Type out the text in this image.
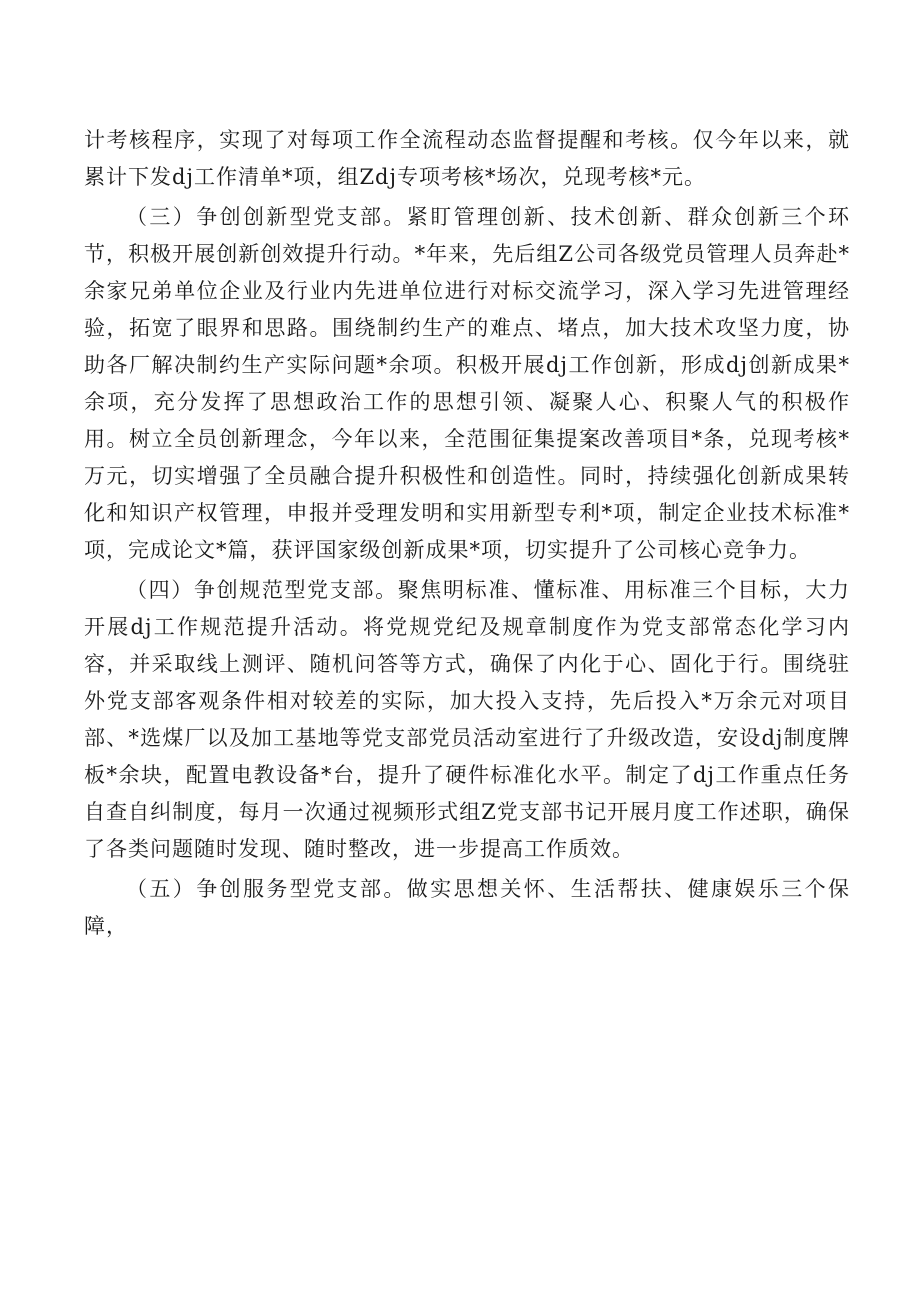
计考核程序，实现了对每项工作全流程动态监督提醒和考核。仅今年以来，就累计下发dj工作清单*项，组Zdj专项考核*场次，兑现考核*元。

（三）争创创新型党支部。紧盯管理创新、技术创新、群众创新三个环节，积极开展创新创效提升行动。*年来，先后组Z公司各级党员管理人员奔赴*余家兄弟单位企业及行业内先进单位进行对标交流学习，深入学习先进管理经验，拓宽了眼界和思路。围绕制约生产的难点、堵点，加大技术攻坚力度，协助各厂解决制约生产实际问题*余项。积极开展dj工作创新，形成dj创新成果*余项，充分发挥了思想政治工作的思想引领、凝聚人心、积聚人气的积极作用。树立全员创新理念，今年以来，全范围征集提案改善项目*条，兑现考核*万元，切实增强了全员融合提升积极性和创造性。同时，持续强化创新成果转化和知识产权管理，申报并受理发明和实用新型专利*项，制定企业技术标准*项，完成论文*篇，获评国家级创新成果*项，切实提升了公司核心竞争力。

（四）争创规范型党支部。聚焦明标准、懂标准、用标准三个目标，大力开展dj工作规范提升活动。将党规党纪及规章制度作为党支部常态化学习内容，并采取线上测评、随机问答等方式，确保了内化于心、固化于行。围绕驻外党支部客观条件相对较差的实际，加大投入支持，先后投入*万余元对项目部、*选煤厂以及加工基地等党支部党员活动室进行了升级改造，安设dj制度牌板*余块，配置电教设备*台，提升了硬件标准化水平。制定了dj工作重点任务自查自纠制度，每月一次通过视频形式组Z党支部书记开展月度工作述职，确保了各类问题随时发现、随时整改，进一步提高工作质效。

（五）争创服务型党支部。做实思想关怀、生活帮扶、健康娱乐三个保障，
